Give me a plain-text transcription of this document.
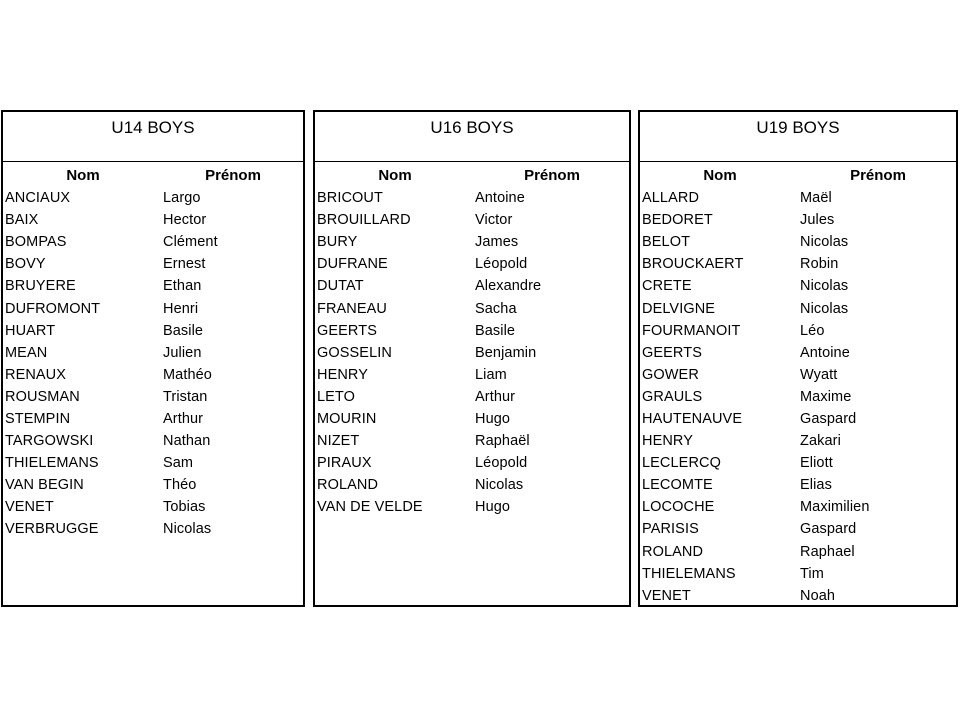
U14 BOYS
Nom	Prénom
ANCIAUX	Largo
BAIX	Hector
BOMPAS	Clément
BOVY	Ernest
BRUYERE	Ethan
DUFROMONT	Henri
HUART	Basile
MEAN	Julien
RENAUX	Mathéo
ROUSMAN	Tristan
STEMPIN	Arthur
TARGOWSKI	Nathan
THIELEMANS	Sam
VAN BEGIN	Théo
VENET	Tobias
VERBRUGGE	Nicolas
U16 BOYS
Nom	Prénom
BRICOUT	Antoine
BROUILLARD	Victor
BURY	James
DUFRANE	Léopold
DUTAT	Alexandre
FRANEAU	Sacha
GEERTS	Basile
GOSSELIN	Benjamin
HENRY	Liam
LETO	Arthur
MOURIN	Hugo
NIZET	Raphaël
PIRAUX	Léopold
ROLAND	Nicolas
VAN DE VELDE	Hugo
U19 BOYS
Nom	Prénom
ALLARD	Maël
BEDORET	Jules
BELOT	Nicolas
BROUCKAERT	Robin
CRETE	Nicolas
DELVIGNE	Nicolas
FOURMANOIT	Léo
GEERTS	Antoine
GOWER	Wyatt
GRAULS	Maxime
HAUTENAUVE	Gaspard
HENRY	Zakari
LECLERCQ	Eliott
LECOMTE	Elias
LOCOCHE	Maximilien
PARISIS	Gaspard
ROLAND	Raphael
THIELEMANS	Tim
VENET	Noah
